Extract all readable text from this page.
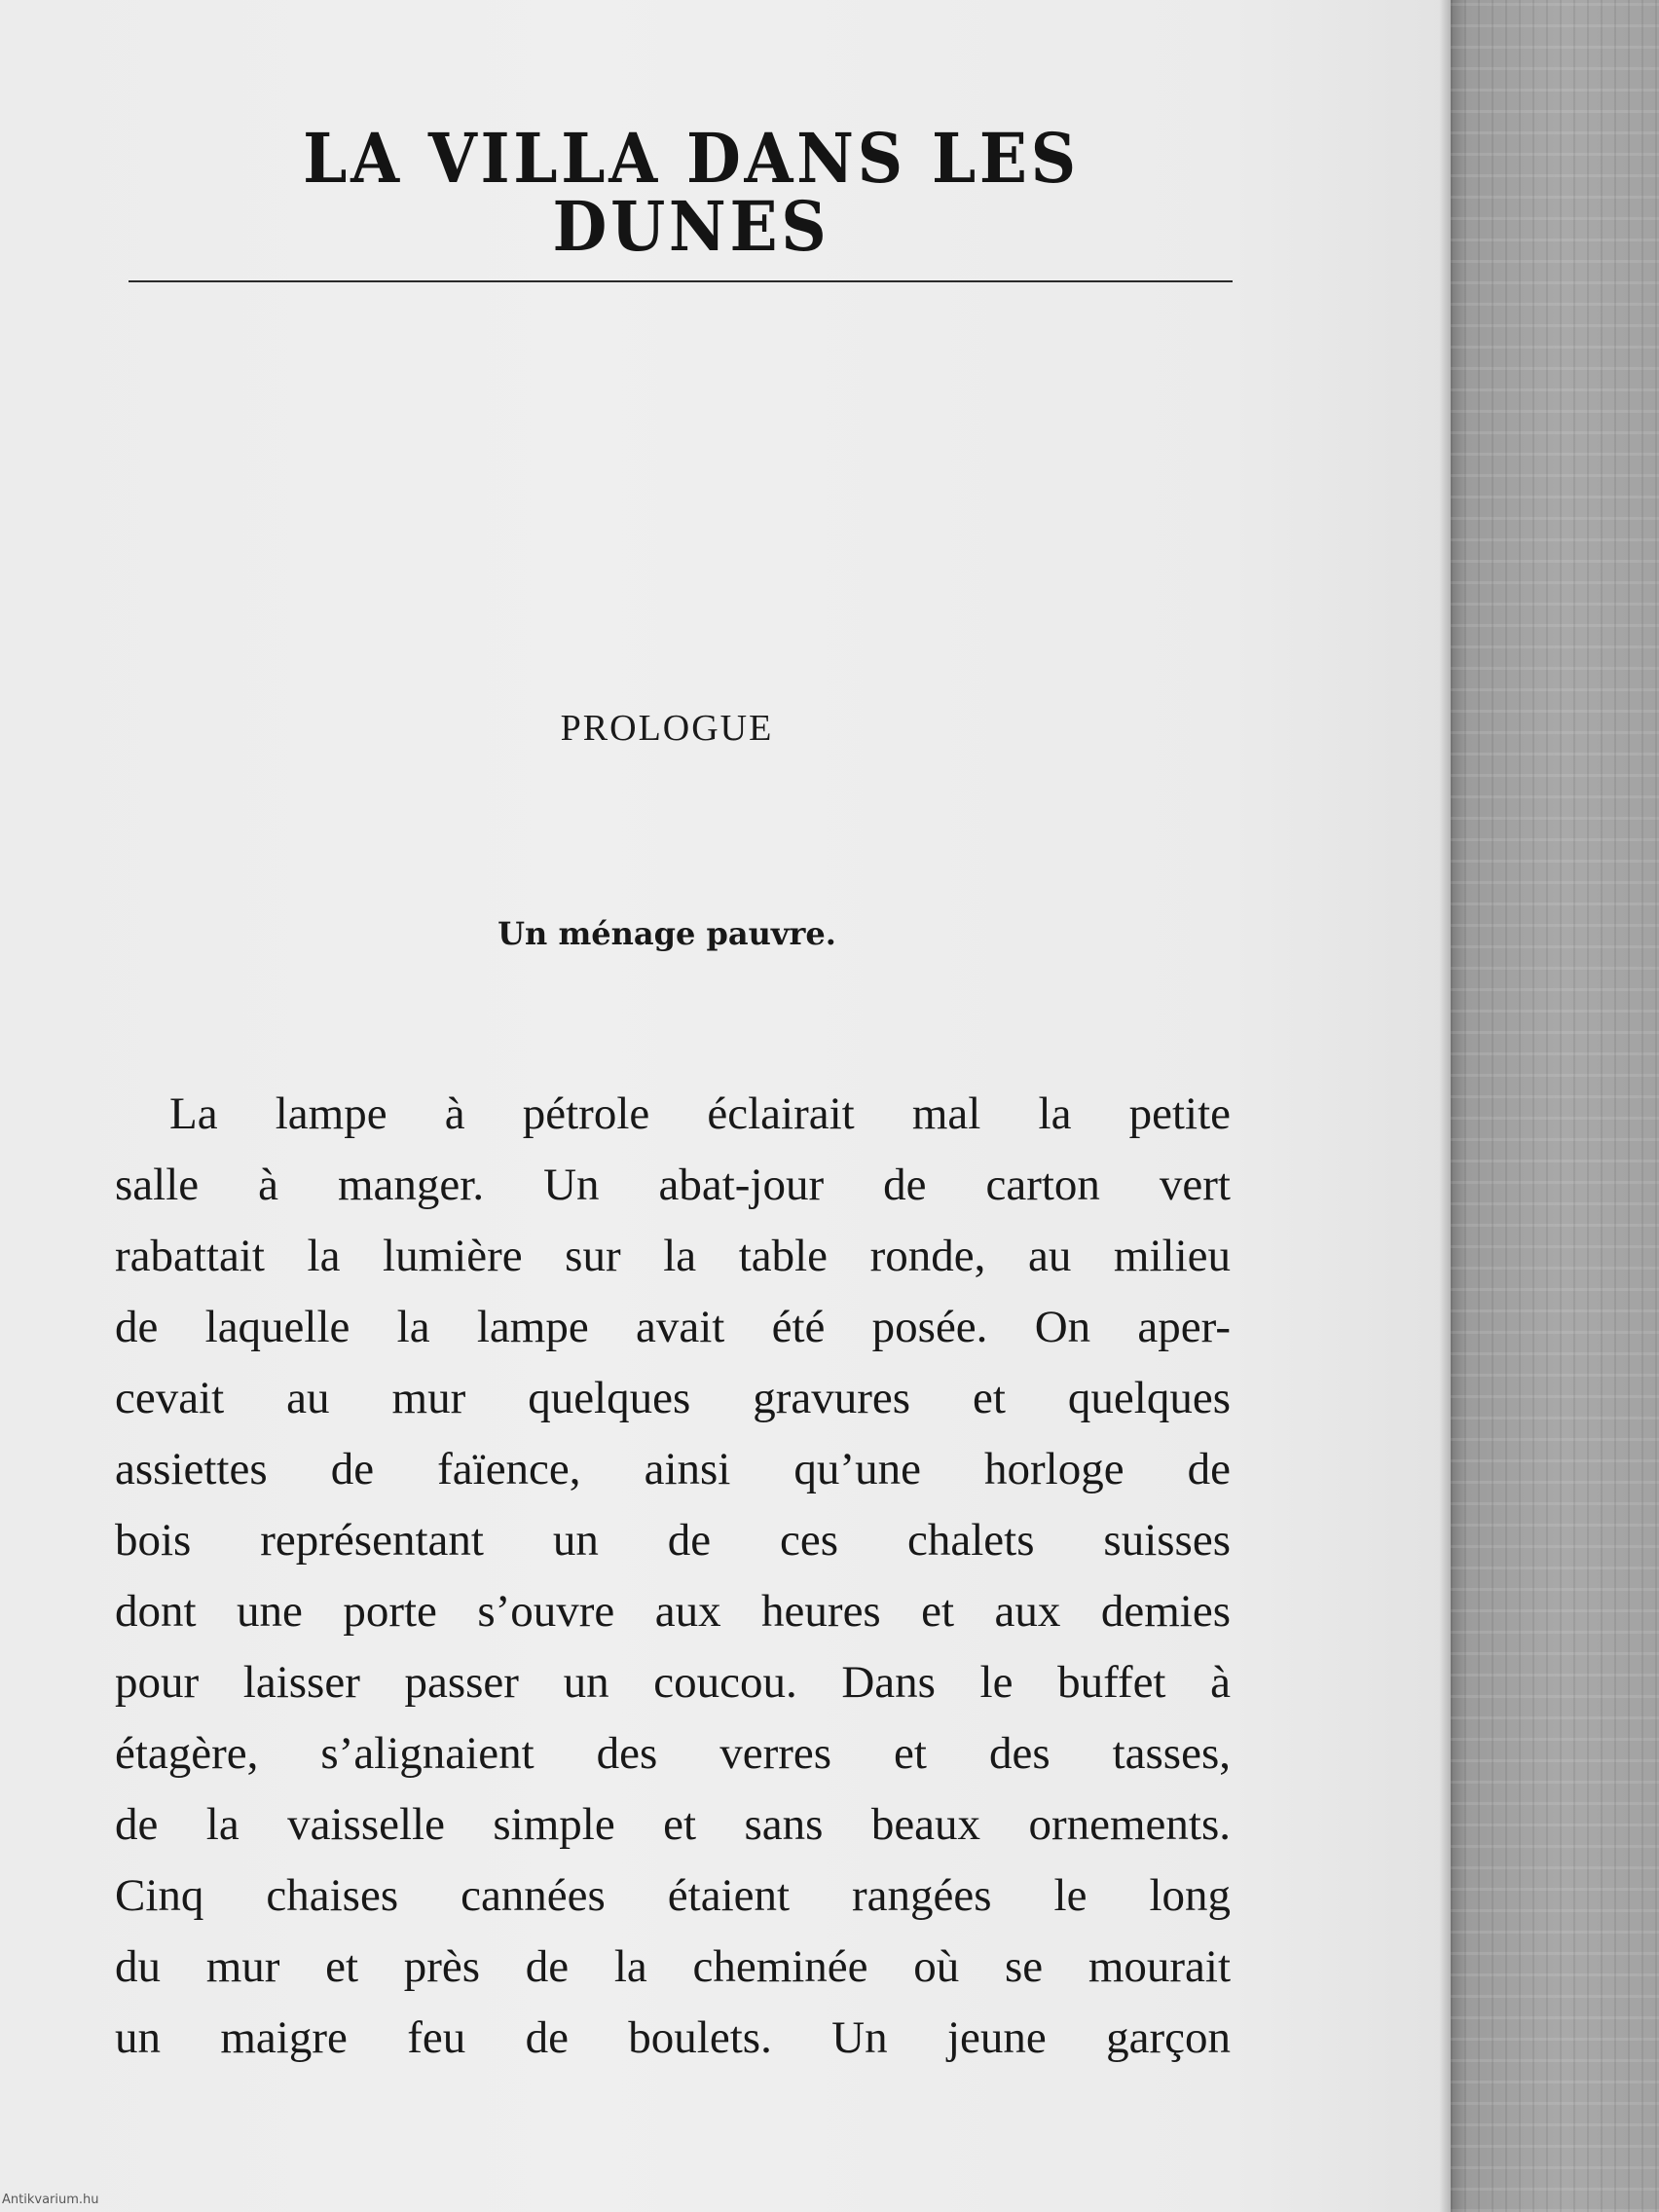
LA VILLA DANS LES DUNES
PROLOGUE
Un ménage pauvre.
La lampe à pétrole éclairait mal la petite
salle à manger. Un abat-jour de carton vert
rabattait la lumière sur la table ronde, au milieu
de laquelle la lampe avait été posée. On aper-
cevait au mur quelques gravures et quelques
assiettes de faïence, ainsi qu’une horloge de
bois représentant un de ces chalets suisses
dont une porte s’ouvre aux heures et aux demies
pour laisser passer un coucou. Dans le buffet à
étagère, s’alignaient des verres et des tasses,
de la vaisselle simple et sans beaux ornements.
Cinq chaises cannées étaient rangées le long
du mur et près de la cheminée où se mourait
un maigre feu de boulets. Un jeune garçon
Antikvarium.hu
